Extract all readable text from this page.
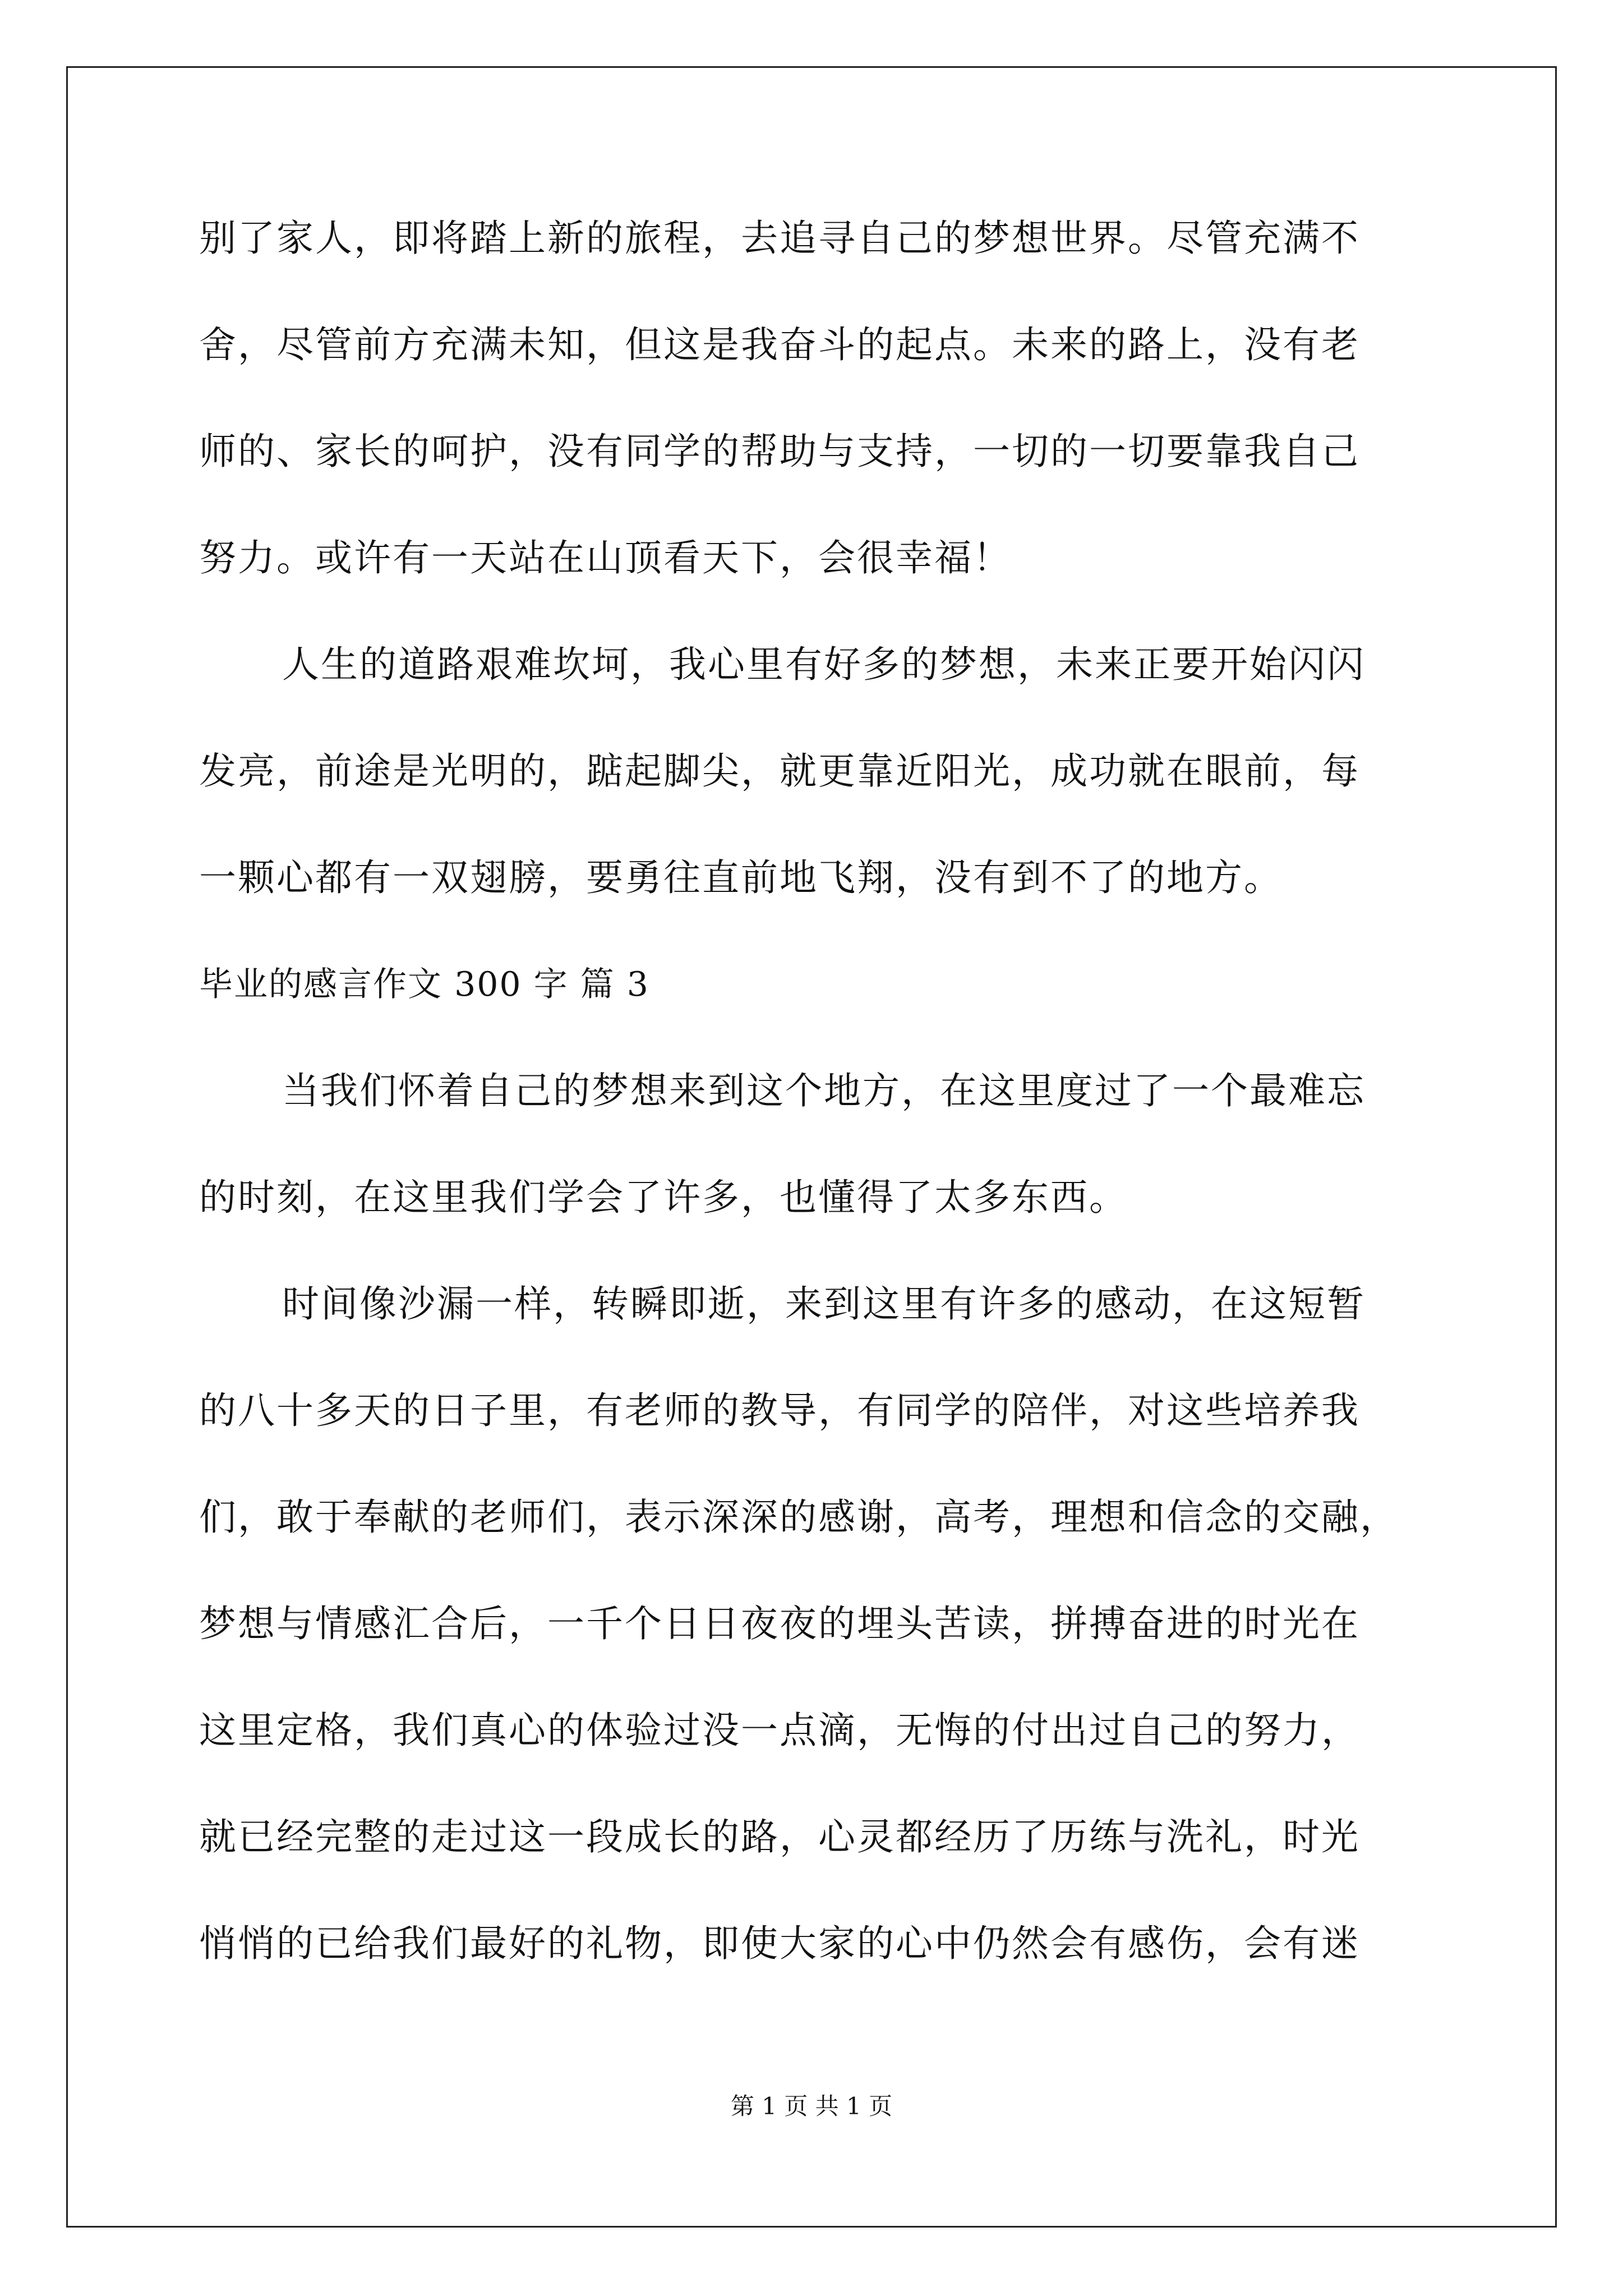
别了家人，即将踏上新的旅程，去追寻自己的梦想世界。尽管充满不
舍，尽管前方充满未知，但这是我奋斗的起点。未来的路上，没有老
师的、家长的呵护，没有同学的帮助与支持，一切的一切要靠我自己
努力。或许有一天站在山顶看天下，会很幸福！
人生的道路艰难坎坷，我心里有好多的梦想，未来正要开始闪闪
发亮，前途是光明的，踮起脚尖，就更靠近阳光，成功就在眼前，每
一颗心都有一双翅膀，要勇往直前地飞翔，没有到不了的地方。
毕业的感言作文 300 字 篇 3
当我们怀着自己的梦想来到这个地方，在这里度过了一个最难忘
的时刻，在这里我们学会了许多，也懂得了太多东西。
时间像沙漏一样，转瞬即逝，来到这里有许多的感动，在这短暂
的八十多天的日子里，有老师的教导，有同学的陪伴，对这些培养我
们，敢于奉献的老师们，表示深深的感谢，高考，理想和信念的交融，
梦想与情感汇合后，一千个日日夜夜的埋头苦读，拼搏奋进的时光在
这里定格，我们真心的体验过没一点滴，无悔的付出过自己的努力，
就已经完整的走过这一段成长的路，心灵都经历了历练与洗礼，时光
悄悄的已给我们最好的礼物，即使大家的心中仍然会有感伤，会有迷
第 1 页 共 1 页
